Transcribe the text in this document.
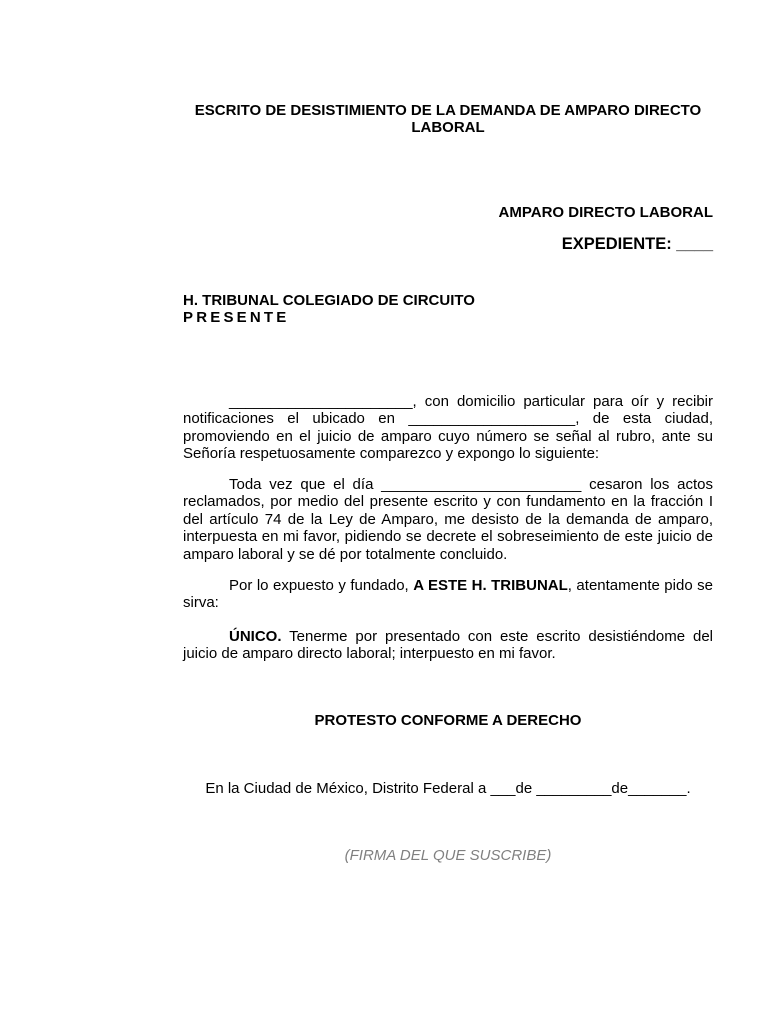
ESCRITO DE DESISTIMIENTO DE LA DEMANDA DE AMPARO DIRECTO
LABORAL
AMPARO DIRECTO LABORAL
EXPEDIENTE: ____
H. TRIBUNAL COLEGIADO DE CIRCUITO
PRESENTE

______________________, con domicilio particular para oír y recibir notificaciones el ubicado en ____________________, de esta ciudad, promoviendo en el juicio de amparo cuyo número se señal al rubro, ante su Señoría respetuosamente comparezco y expongo lo siguiente:

Toda vez que el día ________________________ cesaron los actos reclamados, por medio del presente escrito y con fundamento en la fracción I del artículo 74 de la Ley de Amparo, me desisto de la demanda de amparo, interpuesta en mi favor, pidiendo se decrete el sobreseimiento de este juicio de amparo laboral y se dé por totalmente concluido.

Por lo expuesto y fundado, A ESTE H. TRIBUNAL, atentamente pido se sirva:

ÚNICO. Tenerme por presentado con este escrito desistiéndome del juicio de amparo directo laboral; interpuesto en mi favor.

PROTESTO CONFORME A DERECHO
En la Ciudad de México, Distrito Federal a ___de _________de_______.
(FIRMA DEL QUE SUSCRIBE)
